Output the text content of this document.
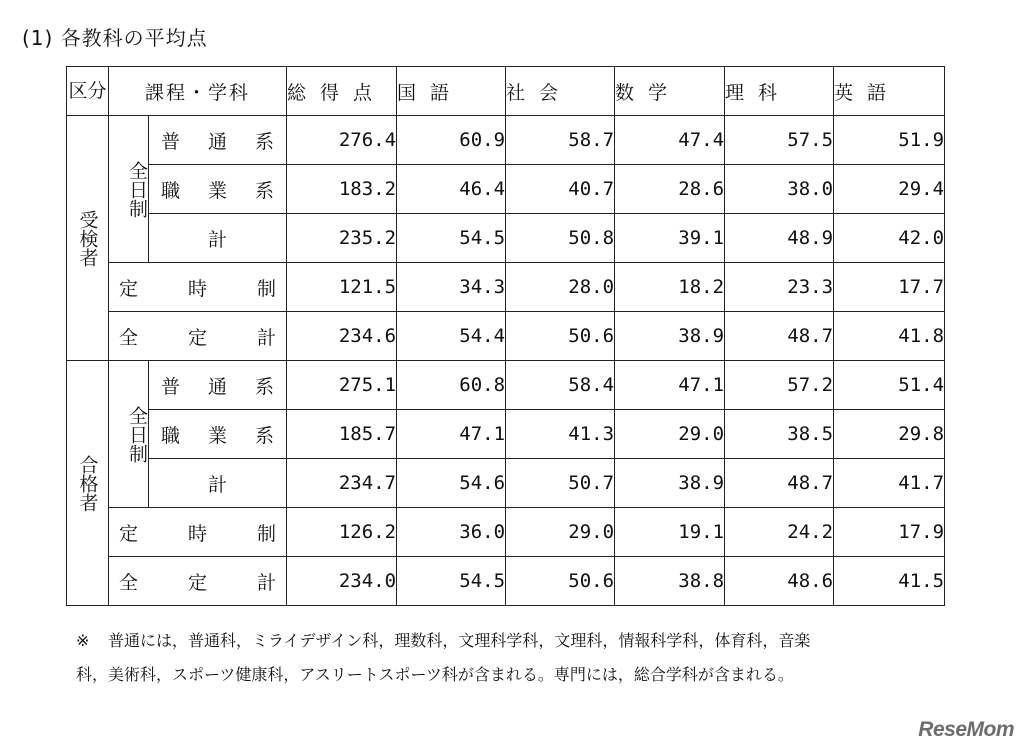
(1) 各教科の平均点
区分	課程・学科		総得点	国語	社会	数学	理科	英語
受検者	全日制	普 通 系	276.4	60.9	58.7	47.4	57.5	51.9

		職 業 系	183.2	46.4	40.7	28.6	38.0	29.4

		計	235.2	54.5	50.8	39.1	48.9	42.0

	定 時 制		121.5	34.3	28.0	18.2	23.3	17.7

	全 定 計		234.6	54.4	50.6	38.9	48.7	41.8
合格者	全日制	普 通 系	275.1	60.8	58.4	47.1	57.2	51.4

		職 業 系	185.7	47.1	41.3	29.0	38.5	29.8

		計	234.7	54.6	50.7	38.9	48.7	41.7

	定 時 制		126.2	36.0	29.0	19.1	24.2	17.9

	全 定 計		234.0	54.5	50.6	38.8	48.6	41.5
※ 普通には，普通科，ミライデザイン科，理数科，文理科学科，文理科，情報科学科，体育科，音楽
科，美術科，スポーツ健康科，アスリートスポーツ科が含まれる。専門には，総合学科が含まれる。
ReseMom
